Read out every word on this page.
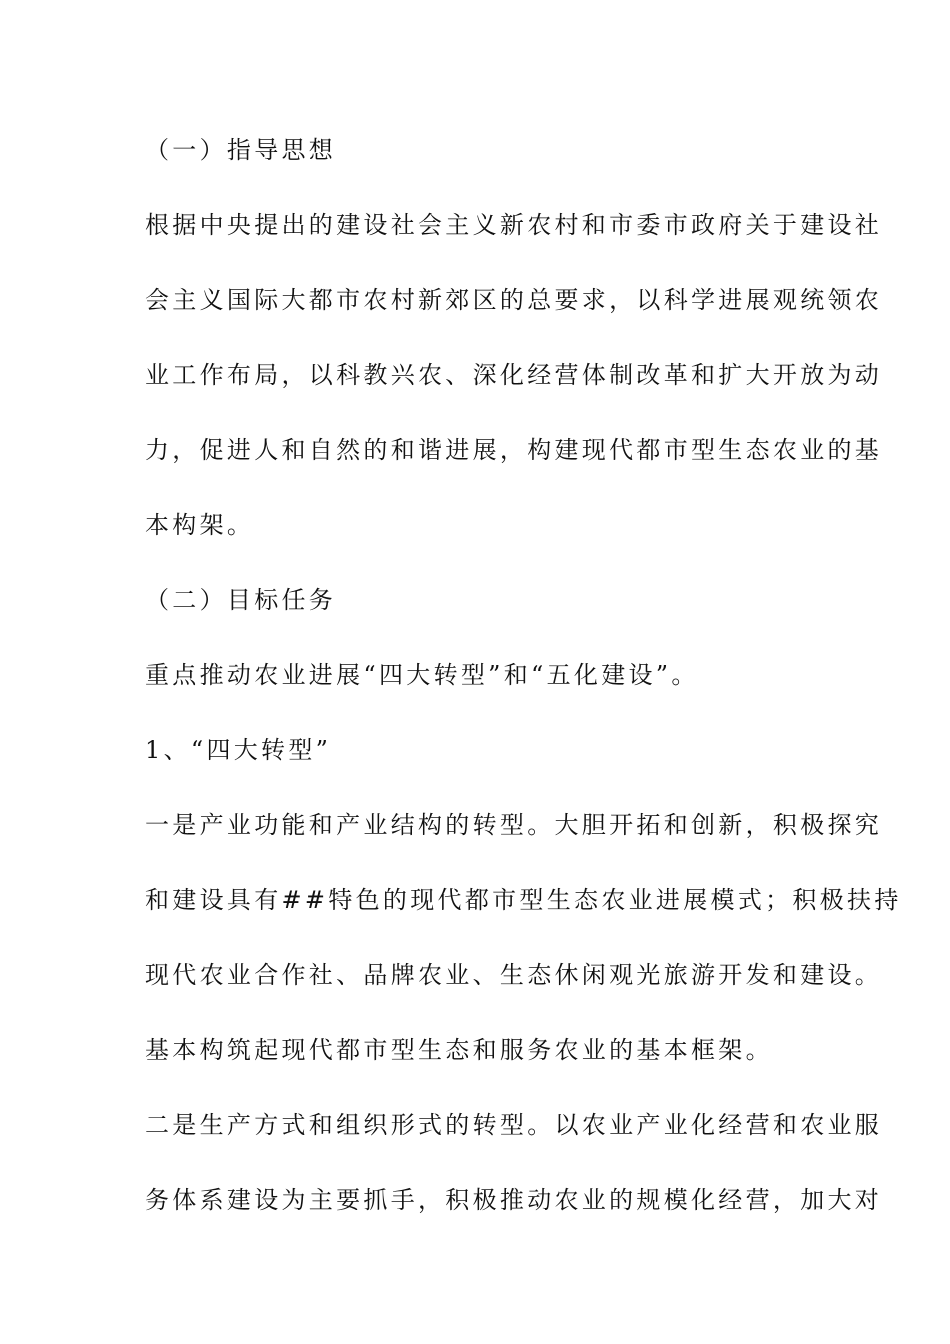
（一）指导思想
根据中央提出的建设社会主义新农村和市委市政府关于建设社
会主义国际大都市农村新郊区的总要求，以科学进展观统领农
业工作布局，以科教兴农、深化经营体制改革和扩大开放为动
力，促进人和自然的和谐进展，构建现代都市型生态农业的基
本构架。
（二）目标任务
重点推动农业进展“四大转型”和“五化建设”。
1、“四大转型”
一是产业功能和产业结构的转型。大胆开拓和创新，积极探究
和建设具有##特色的现代都市型生态农业进展模式；积极扶持
现代农业合作社、品牌农业、生态休闲观光旅游开发和建设。
基本构筑起现代都市型生态和服务农业的基本框架。
二是生产方式和组织形式的转型。以农业产业化经营和农业服
务体系建设为主要抓手，积极推动农业的规模化经营，加大对
